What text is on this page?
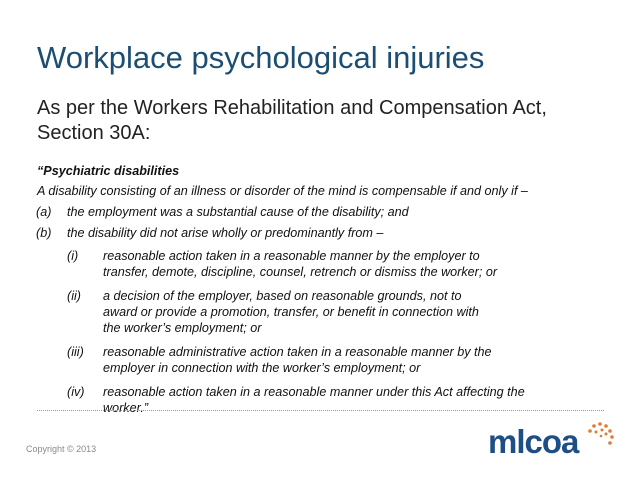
Workplace psychological injuries
As per the Workers Rehabilitation and Compensation Act,
Section 30A:
“Psychiatric disabilities
A disability consisting of an illness or disorder of the mind is compensable if and only if –
(a) the employment was a substantial cause of the disability; and
(b) the disability did not arise wholly or predominantly from –
(i) reasonable action taken in a reasonable manner by the employer to
transfer, demote, discipline, counsel, retrench or dismiss the worker; or
(ii) a decision of the employer, based on reasonable grounds, not to
award or provide a promotion, transfer, or benefit in connection with
the worker’s employment; or
(iii) reasonable administrative action taken in a reasonable manner by the
employer in connection with the worker’s employment; or
(iv) reasonable action taken in a reasonable manner under this Act affecting the
worker.”
Copyright © 2013	mlcoa
